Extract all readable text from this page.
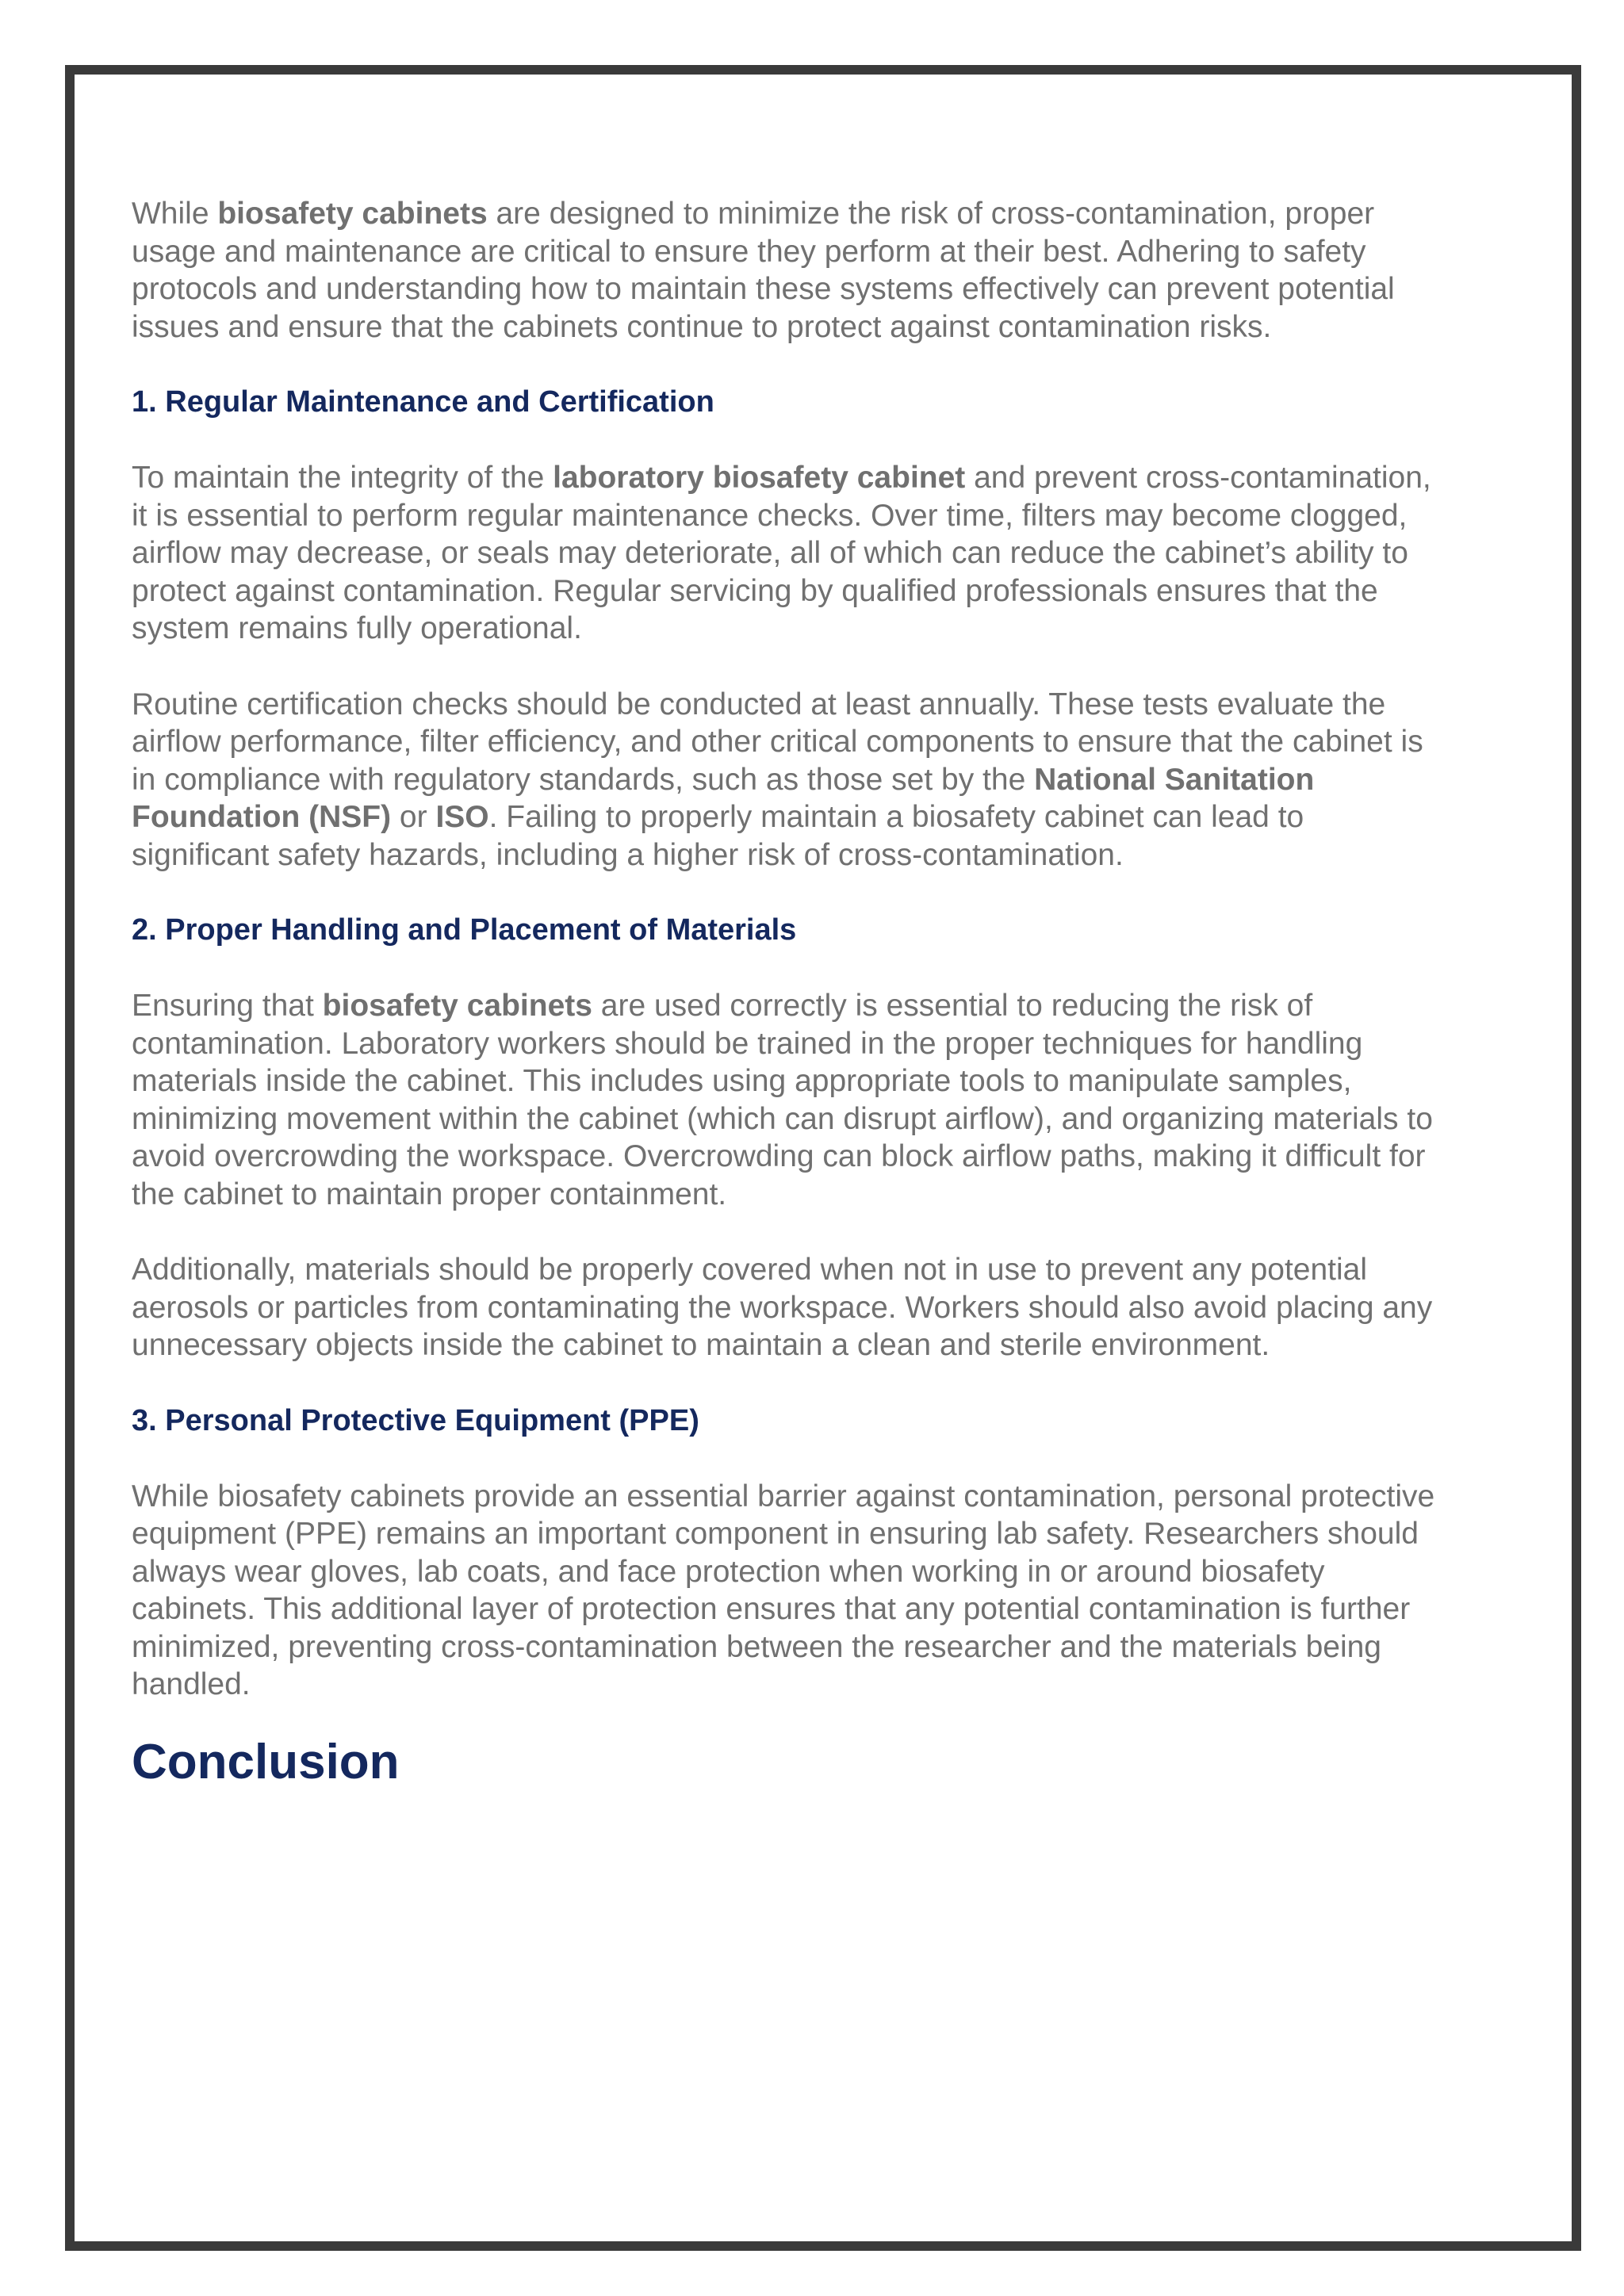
While biosafety cabinets are designed to minimize the risk of cross-contamination, proper usage and maintenance are critical to ensure they perform at their best. Adhering to safety protocols and understanding how to maintain these systems effectively can prevent potential issues and ensure that the cabinets continue to protect against contamination risks.

1. Regular Maintenance and Certification

To maintain the integrity of the laboratory biosafety cabinet and prevent cross-contamination, it is essential to perform regular maintenance checks. Over time, filters may become clogged, airflow may decrease, or seals may deteriorate, all of which can reduce the cabinet’s ability to protect against contamination. Regular servicing by qualified professionals ensures that the system remains fully operational.

Routine certification checks should be conducted at least annually. These tests evaluate the airflow performance, filter efficiency, and other critical components to ensure that the cabinet is in compliance with regulatory standards, such as those set by the National Sanitation Foundation (NSF) or ISO. Failing to properly maintain a biosafety cabinet can lead to significant safety hazards, including a higher risk of cross-contamination.

2. Proper Handling and Placement of Materials

Ensuring that biosafety cabinets are used correctly is essential to reducing the risk of contamination. Laboratory workers should be trained in the proper techniques for handling materials inside the cabinet. This includes using appropriate tools to manipulate samples, minimizing movement within the cabinet (which can disrupt airflow), and organizing materials to avoid overcrowding the workspace. Overcrowding can block airflow paths, making it difficult for the cabinet to maintain proper containment.

Additionally, materials should be properly covered when not in use to prevent any potential aerosols or particles from contaminating the workspace. Workers should also avoid placing any unnecessary objects inside the cabinet to maintain a clean and sterile environment.

3. Personal Protective Equipment (PPE)

While biosafety cabinets provide an essential barrier against contamination, personal protective equipment (PPE) remains an important component in ensuring lab safety. Researchers should always wear gloves, lab coats, and face protection when working in or around biosafety cabinets. This additional layer of protection ensures that any potential contamination is further minimized, preventing cross-contamination between the researcher and the materials being handled.

Conclusion
